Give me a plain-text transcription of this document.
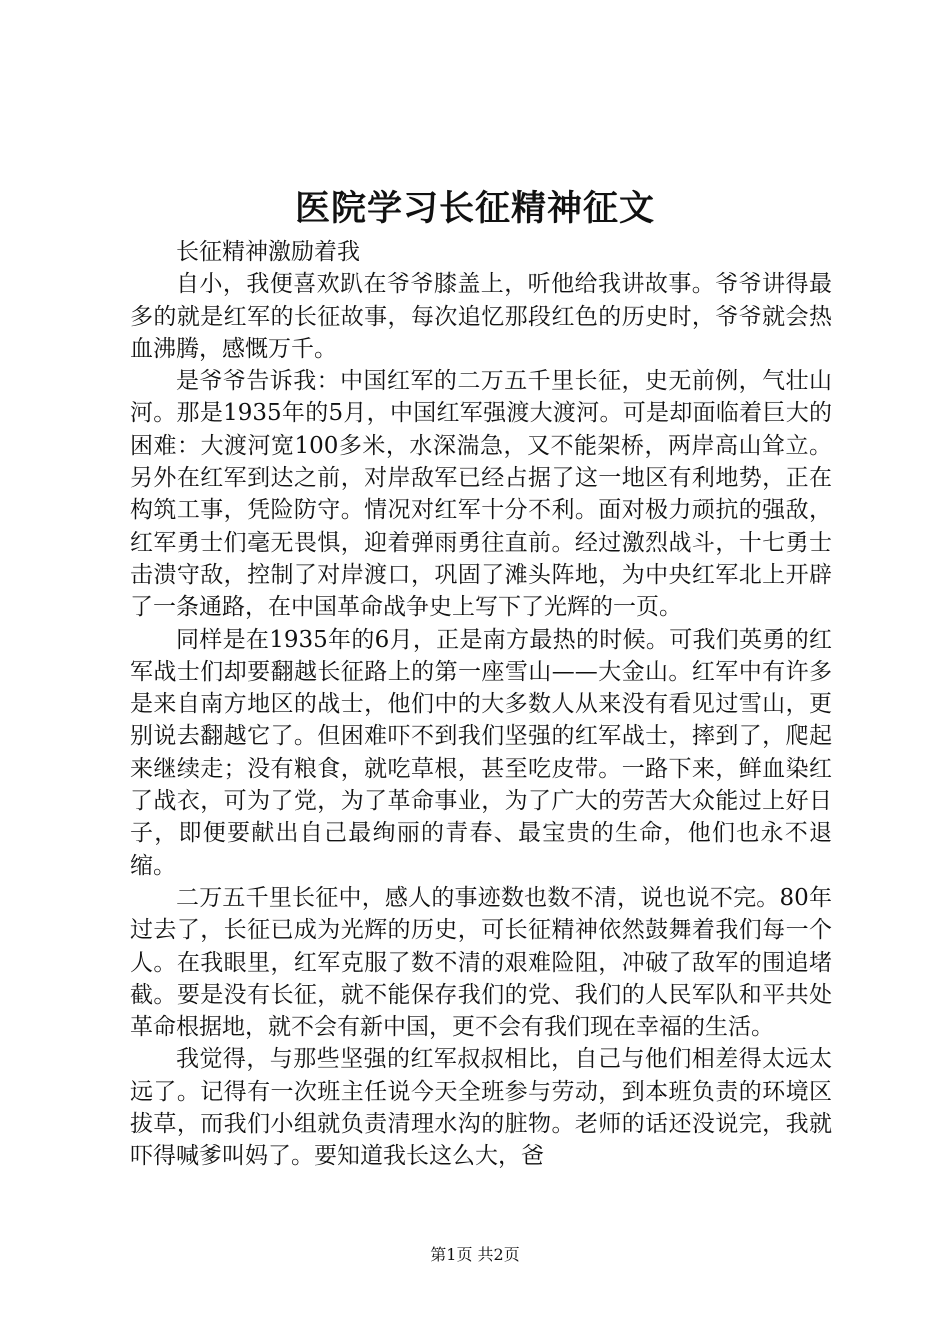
医院学习长征精神征文

长征精神激励着我

自小，我便喜欢趴在爷爷膝盖上，听他给我讲故事。爷爷讲得最多的就是红军的长征故事，每次追忆那段红色的历史时，爷爷就会热血沸腾，感慨万千。

是爷爷告诉我：中国红军的二万五千里长征，史无前例，气壮山河。那是1935年的5月，中国红军强渡大渡河。可是却面临着巨大的困难：大渡河宽100多米，水深湍急，又不能架桥，两岸高山耸立。另外在红军到达之前，对岸敌军已经占据了这一地区有利地势，正在构筑工事，凭险防守。情况对红军十分不利。面对极力顽抗的强敌，红军勇士们毫无畏惧，迎着弹雨勇往直前。经过激烈战斗，十七勇士击溃守敌，控制了对岸渡口，巩固了滩头阵地，为中央红军北上开辟了一条通路，在中国革命战争史上写下了光辉的一页。

同样是在1935年的6月，正是南方最热的时候。可我们英勇的红军战士们却要翻越长征路上的第一座雪山——大金山。红军中有许多是来自南方地区的战士，他们中的大多数人从来没有看见过雪山，更别说去翻越它了。但困难吓不到我们坚强的红军战士，摔到了，爬起来继续走；没有粮食，就吃草根，甚至吃皮带。一路下来，鲜血染红了战衣，可为了党，为了革命事业，为了广大的劳苦大众能过上好日子，即便要献出自己最绚丽的青春、最宝贵的生命，他们也永不退缩。

二万五千里长征中，感人的事迹数也数不清，说也说不完。80年过去了，长征已成为光辉的历史，可长征精神依然鼓舞着我们每一个人。在我眼里，红军克服了数不清的艰难险阻，冲破了敌军的围追堵截。要是没有长征，就不能保存我们的党、我们的人民军队和平共处革命根据地，就不会有新中国，更不会有我们现在幸福的生活。

我觉得，与那些坚强的红军叔叔相比，自己与他们相差得太远太远了。记得有一次班主任说今天全班参与劳动，到本班负责的环境区拔草，而我们小组就负责清理水沟的脏物。老师的话还没说完，我就吓得喊爹叫妈了。要知道我长这么大，爸

第1页 共2页
